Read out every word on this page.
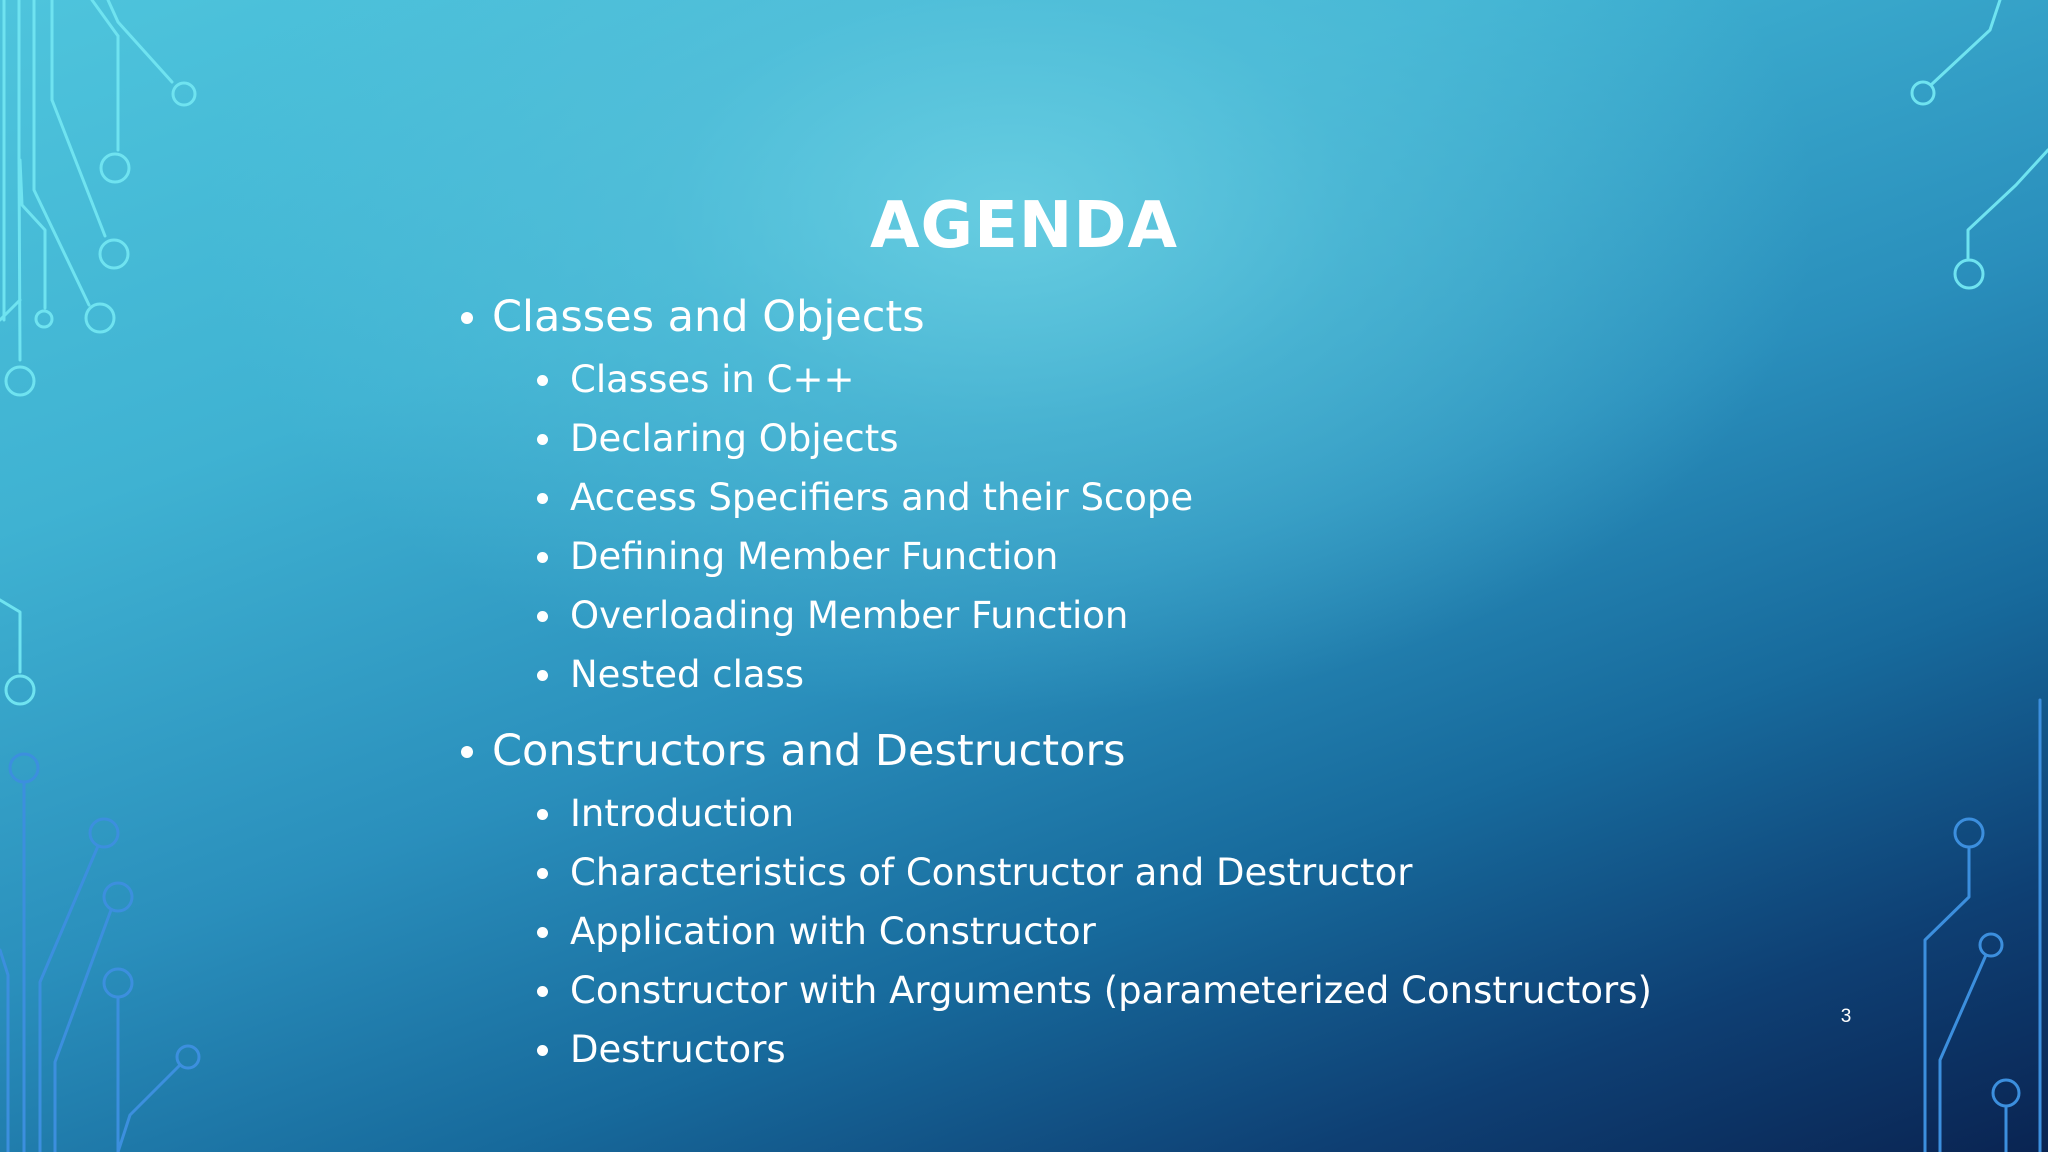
AGENDA
Classes and Objects
Classes in C++
Declaring Objects
Access Specifiers and their Scope
Defining Member Function
Overloading Member Function
Nested class
Constructors and Destructors
Introduction
Characteristics of Constructor and Destructor
Application with Constructor
Constructor with Arguments (parameterized Constructors)
Destructors
3
